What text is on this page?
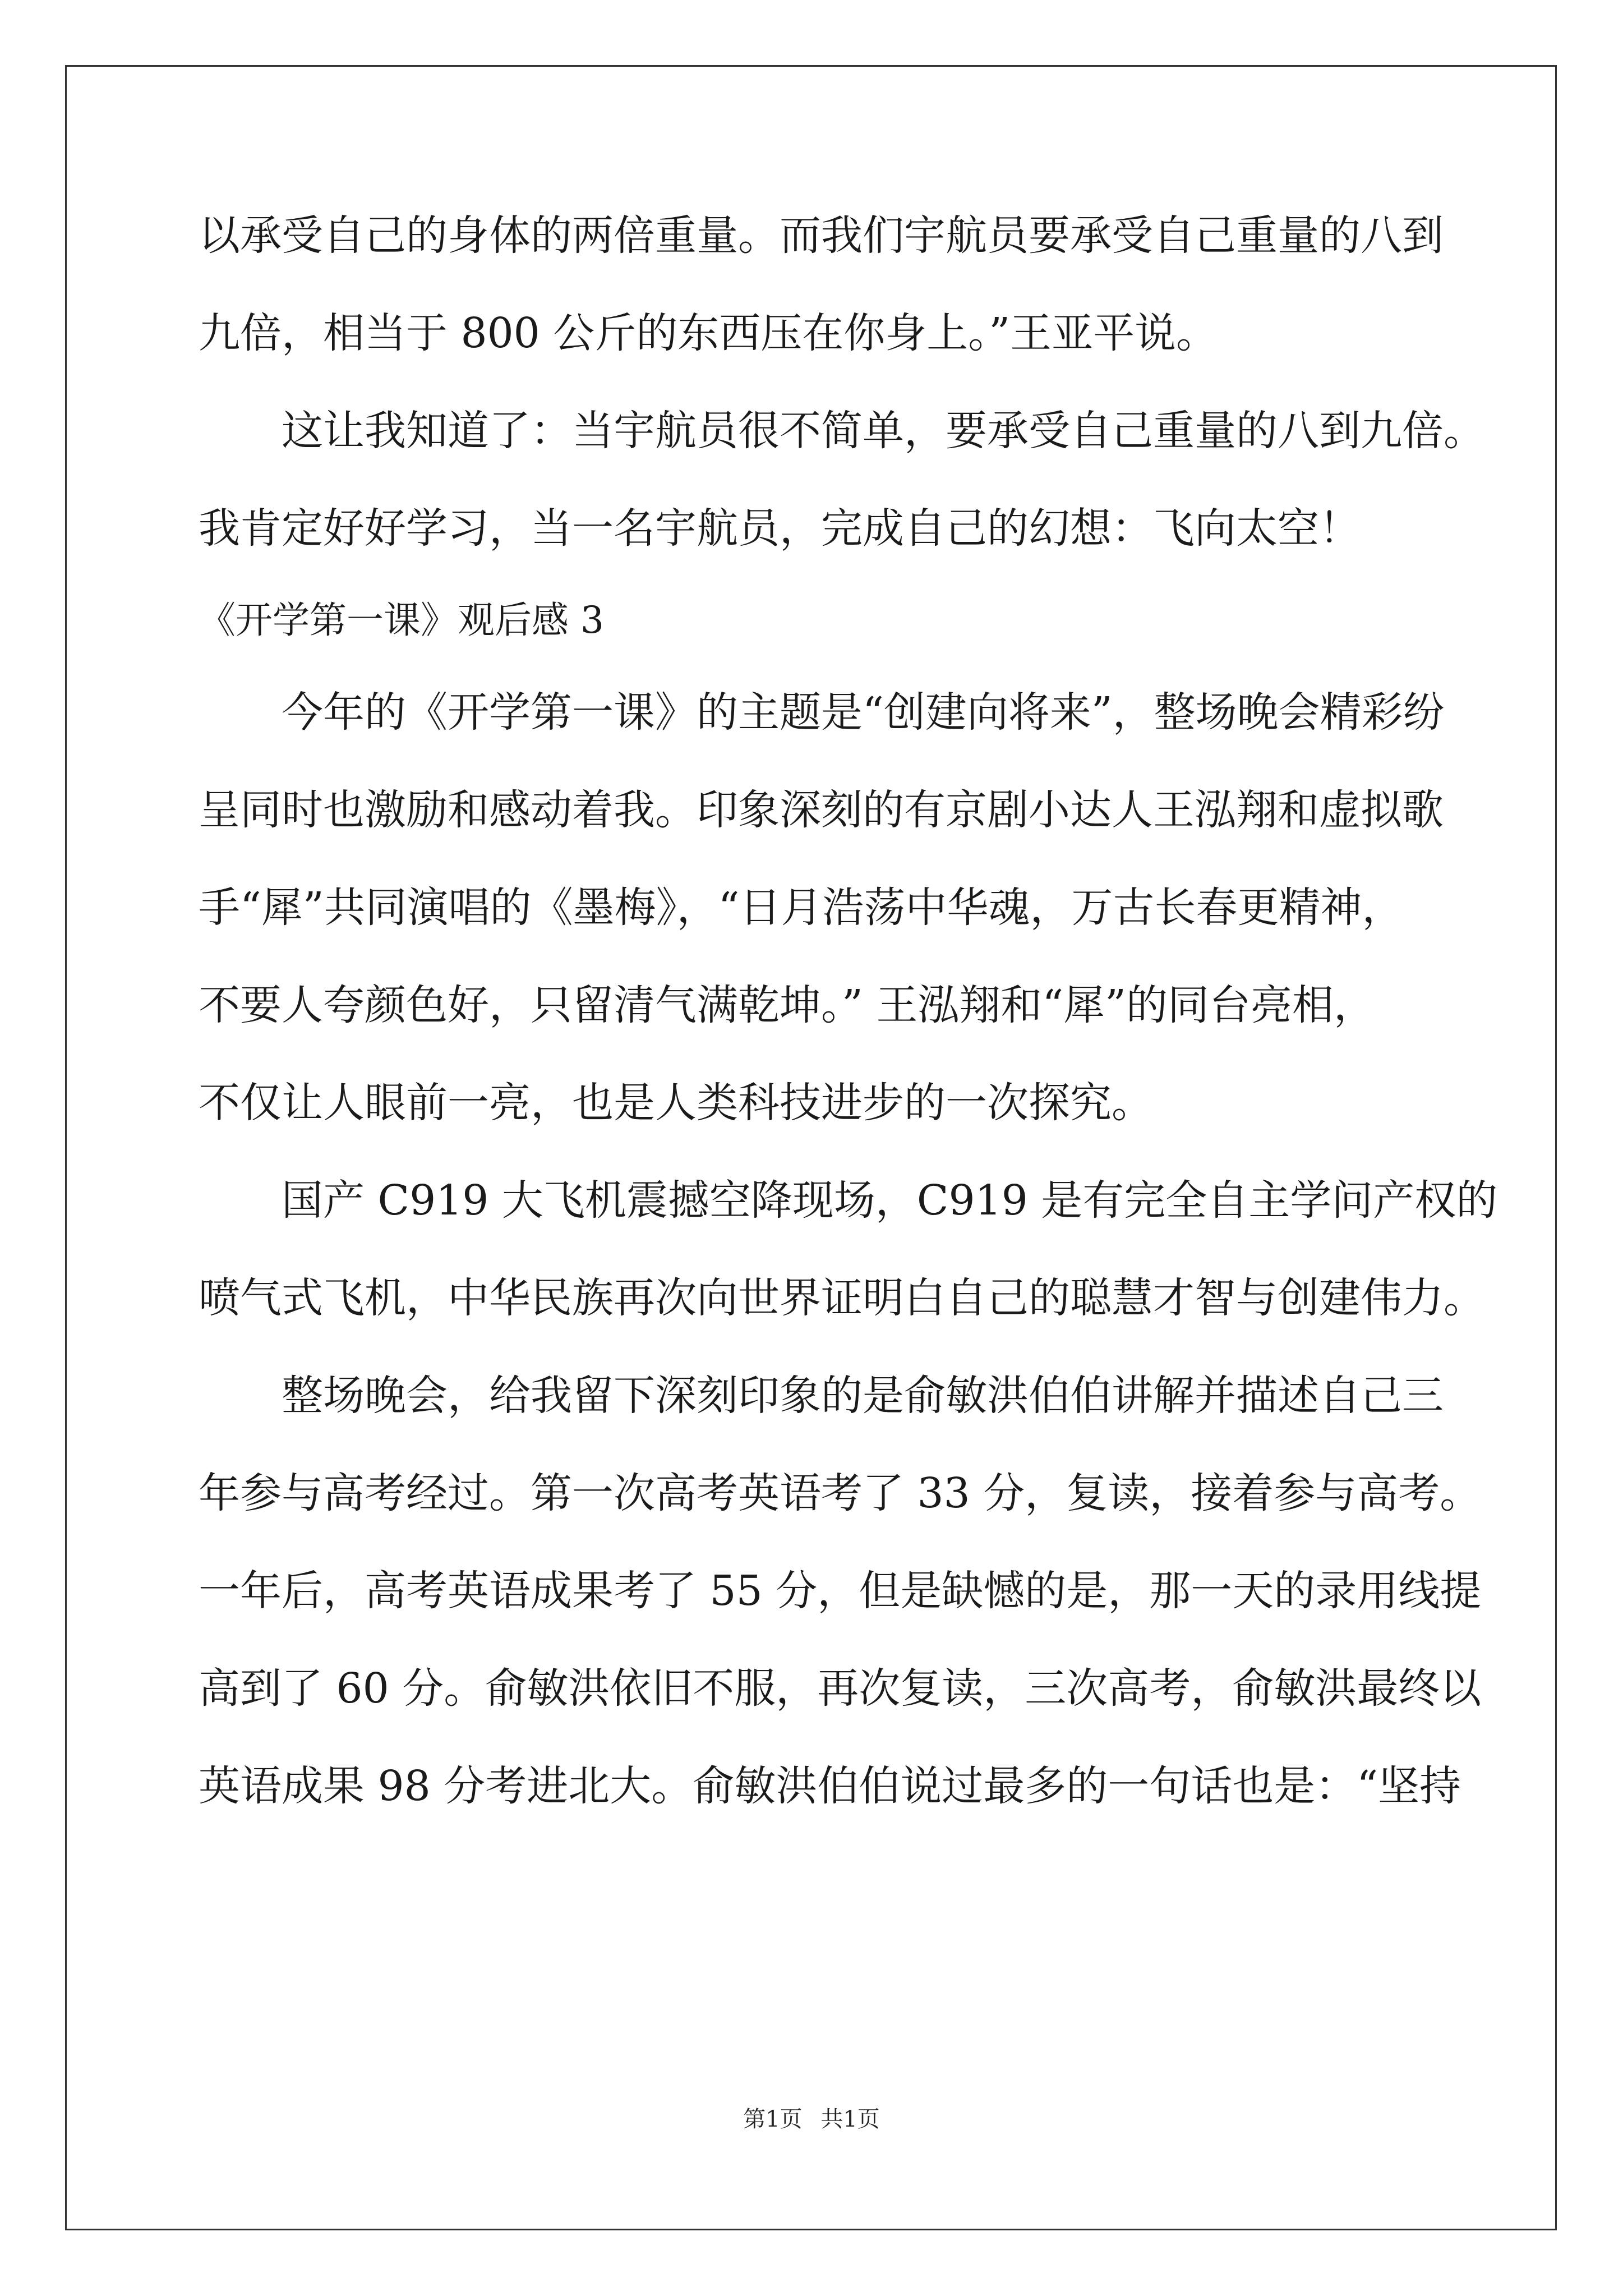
以承受自己的身体的两倍重量。而我们宇航员要承受自己重量的八到
九倍，相当于 800 公斤的东西压在你身上。”王亚平说。
这让我知道了：当宇航员很不简单，要承受自己重量的八到九倍。
我肯定好好学习，当一名宇航员，完成自己的幻想：飞向太空！
《开学第一课》观后感 3
今年的《开学第一课》的主题是“创建向将来”，整场晚会精彩纷
呈同时也激励和感动着我。印象深刻的有京剧小达人王泓翔和虚拟歌
手“犀”共同演唱的《墨梅》，“日月浩荡中华魂，万古长春更精神，
不要人夸颜色好，只留清气满乾坤。” 王泓翔和“犀”的同台亮相，
不仅让人眼前一亮，也是人类科技进步的一次探究。
国产 C919 大飞机震撼空降现场，C919 是有完全自主学问产权的
喷气式飞机，中华民族再次向世界证明白自己的聪慧才智与创建伟力。
整场晚会，给我留下深刻印象的是俞敏洪伯伯讲解并描述自己三
年参与高考经过。第一次高考英语考了 33 分，复读，接着参与高考。
一年后，高考英语成果考了 55 分，但是缺憾的是，那一天的录用线提
高到了 60 分。俞敏洪依旧不服，再次复读，三次高考，俞敏洪最终以
英语成果 98 分考进北大。俞敏洪伯伯说过最多的一句话也是：“坚持
第1页 共1页
